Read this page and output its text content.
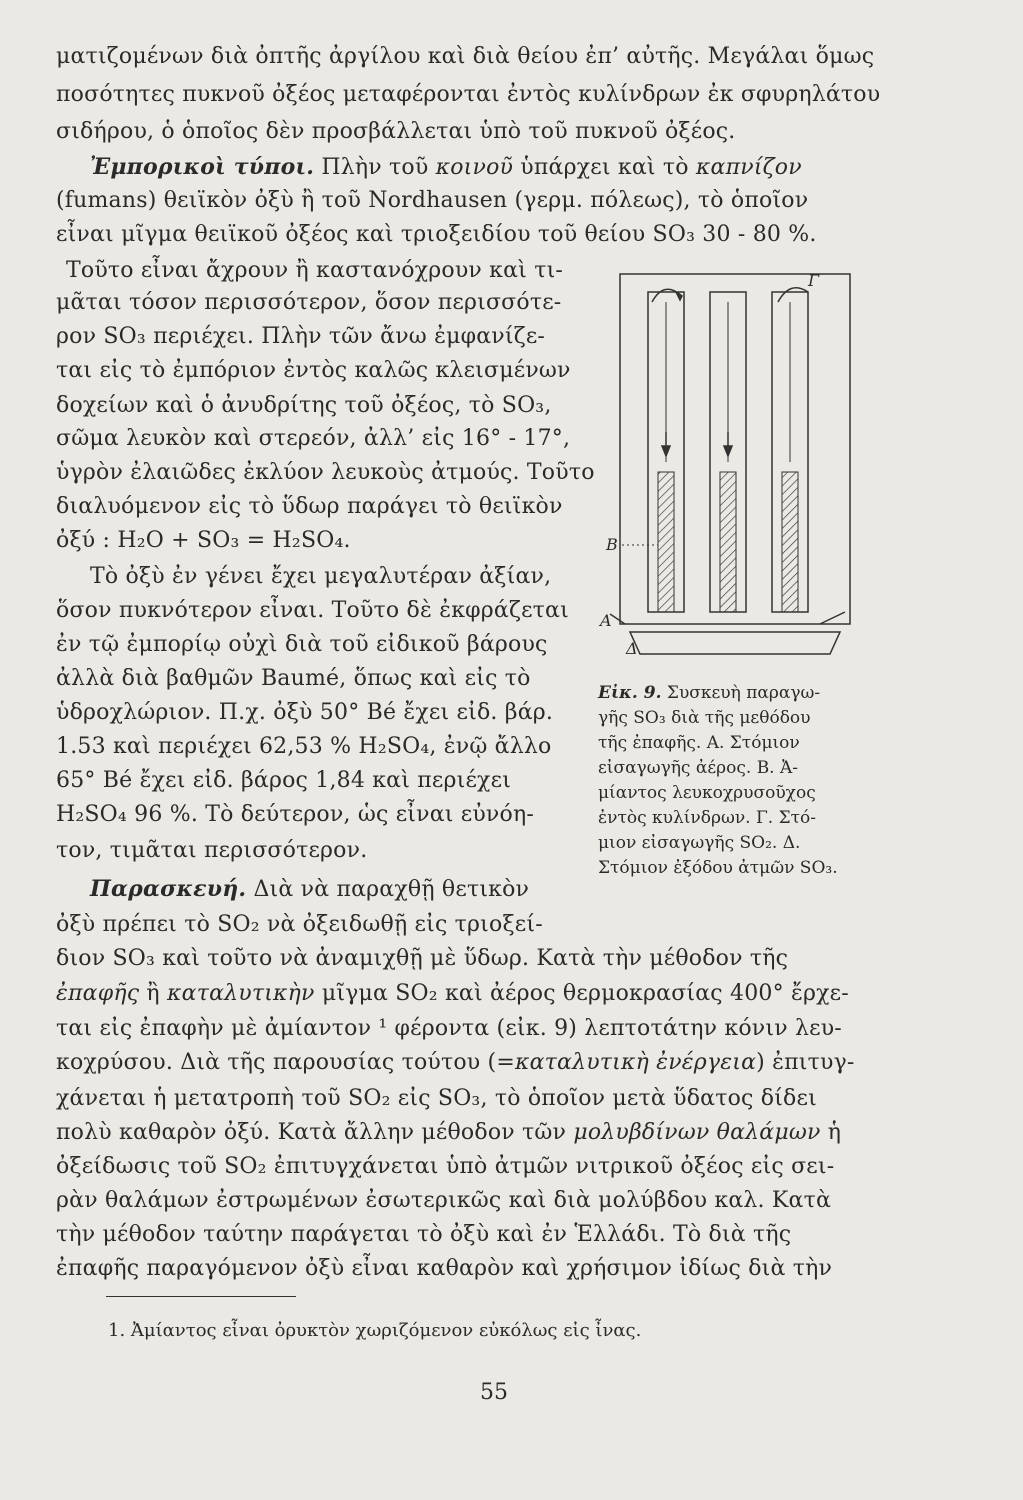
ματιζομένων διὰ ὀπτῆς ἀργίλου καὶ διὰ θείου ἐπ’ αὐτῆς. Μεγάλαι ὅμως
ποσότητες πυκνοῦ ὀξέος μεταφέρονται ἐντὸς κυλίνδρων ἐκ σφυρηλάτου
σιδήρου, ὁ ὁποῖος δὲν προσβάλλεται ὑπὸ τοῦ πυκνοῦ ὀξέος.
Ἐμπορικοὶ τύποι. Πλὴν τοῦ κοινοῦ ὑπάρχει καὶ τὸ καπνίζον
(fumans) θειϊκὸν ὀξὺ ἢ τοῦ Nordhausen (γερμ. πόλεως), τὸ ὁποῖον
εἶναι μῖγμα θειϊκοῦ ὀξέος καὶ τριοξειδίου τοῦ θείου SO₃ 30 - 80 %.
Τοῦτο εἶναι ἄχρουν ἢ καστανόχρουν καὶ τι-
μᾶται τόσον περισσότερον, ὅσον περισσότε-
ρον SO₃ περιέχει. Πλὴν τῶν ἄνω ἐμφανίζε-
ται εἰς τὸ ἐμπόριον ἐντὸς καλῶς κλεισμένων
δοχείων καὶ ὁ ἀνυδρίτης τοῦ ὀξέος, τὸ SO₃,
σῶμα λευκὸν καὶ στερεόν, ἀλλ’ εἰς 16° - 17°,
ὑγρὸν ἐλαιῶδες ἐκλύον λευκοὺς ἀτμούς. Τοῦτο
διαλυόμενον εἰς τὸ ὕδωρ παράγει τὸ θειϊκὸν
ὀξύ : H₂O + SO₃ = H₂SO₄.
Τὸ ὀξὺ ἐν γένει ἔχει μεγαλυτέραν ἀξίαν,
ὅσον πυκνότερον εἶναι. Τοῦτο δὲ ἐκφράζεται
ἐν τῷ ἐμπορίῳ οὐχὶ διὰ τοῦ εἰδικοῦ βάρους
ἀλλὰ διὰ βαθμῶν Baumé, ὅπως καὶ εἰς τὸ
ὑδροχλώριον. Π.χ. ὀξὺ 50° Bé ἔχει εἰδ. βάρ.
1.53 καὶ περιέχει 62,53 % H₂SO₄, ἐνῷ ἄλλο
65° Bé ἔχει εἰδ. βάρος 1,84 καὶ περιέχει
H₂SO₄ 96 %. Τὸ δεύτερον, ὡς εἶναι εὐνόη-
τον, τιμᾶται περισσότερον.
Παρασκευή. Διὰ νὰ παραχθῇ θετικὸν
ὀξὺ πρέπει τὸ SO₂ νὰ ὀξειδωθῇ εἰς τριοξεί-
διον SO₃ καὶ τοῦτο νὰ ἀναμιχθῇ μὲ ὕδωρ. Κατὰ τὴν μέθοδον τῆς
ἐπαφῆς ἢ καταλυτικὴν μῖγμα SO₂ καὶ ἀέρος θερμοκρασίας 400° ἔρχε-
ται εἰς ἐπαφὴν μὲ ἀμίαντον ¹ φέροντα (εἰκ. 9) λεπτοτάτην κόνιν λευ-
κοχρύσου. Διὰ τῆς παρουσίας τούτου (=καταλυτικὴ ἐνέργεια) ἐπιτυγ-
χάνεται ἡ μετατροπὴ τοῦ SO₂ εἰς SO₃, τὸ ὁποῖον μετὰ ὕδατος δίδει
πολὺ καθαρὸν ὀξύ. Κατὰ ἄλλην μέθοδον τῶν μολυβδίνων θαλάμων ἡ
ὀξείδωσις τοῦ SO₂ ἐπιτυγχάνεται ὑπὸ ἀτμῶν νιτρικοῦ ὀξέος εἰς σει-
ρὰν θαλάμων ἐστρωμένων ἐσωτερικῶς καὶ διὰ μολύβδου καλ. Κατὰ
τὴν μέθοδον ταύτην παράγεται τὸ ὀξὺ καὶ ἐν Ἑλλάδι. Τὸ διὰ τῆς
ἐπαφῆς παραγόμενον ὀξὺ εἶναι καθαρὸν καὶ χρήσιμον ἰδίως διὰ τὴν
A
B
Γ
Δ
Εἰκ. 9. Συσκευὴ παραγω-
γῆς SO₃ διὰ τῆς μεθόδου
τῆς ἐπαφῆς. Α. Στόμιον
εἰσαγωγῆς ἀέρος. Β. Ἀ-
μίαντος λευκοχρυσοῦχος
ἐντὸς κυλίνδρων. Γ. Στό-
μιον εἰσαγωγῆς SO₂. Δ.
Στόμιον ἐξόδου ἀτμῶν SO₃.
1. Ἀμίαντος εἶναι ὀρυκτὸν χωριζόμενον εὐκόλως εἰς ἶνας.
55
